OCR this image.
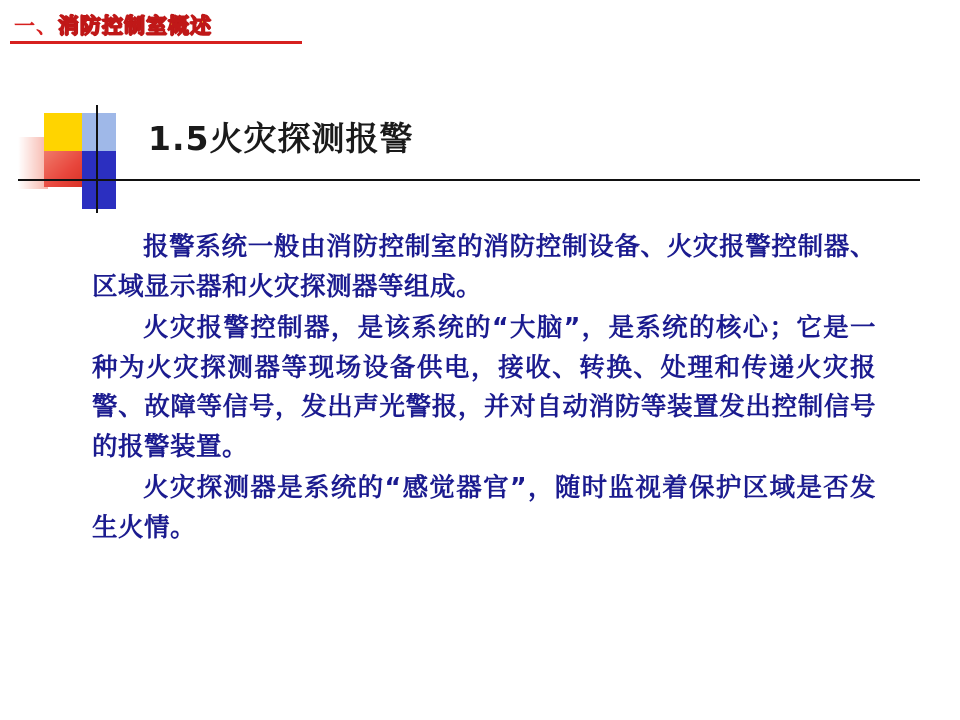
一、消防控制室概述
1.5火灾探测报警

报警系统一般由消防控制室的消防控制设备、火灾报警控制器、区域显示器和火灾探测器等组成。

火灾报警控制器，是该系统的“大脑”，是系统的核心；它是一种为火灾探测器等现场设备供电，接收、转换、处理和传递火灾报警、故障等信号，发出声光警报，并对自动消防等装置发出控制信号的报警装置。

火灾探测器是系统的“感觉器官”，随时监视着保护区域是否发生火情。
